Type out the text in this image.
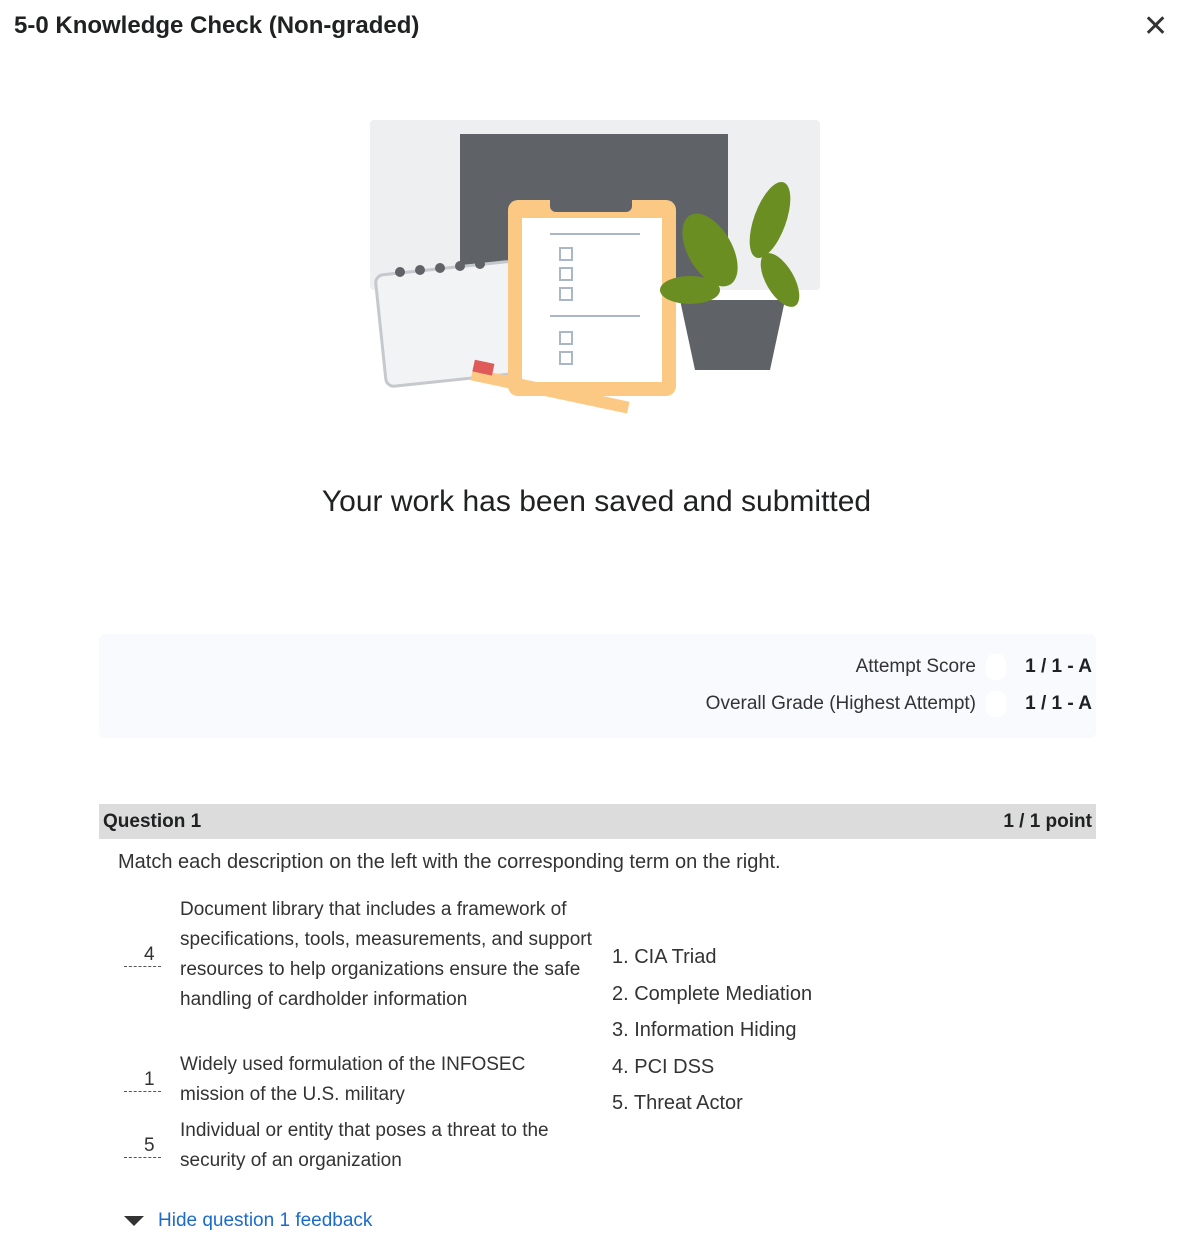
5-0 Knowledge Check (Non-graded)	✕
Your work has been saved and submitted
Attempt Score	1 / 1 - A
Overall Grade (Highest Attempt)	1 / 1 - A
Question 1	1 / 1 point
Match each description on the left with the corresponding term on the right.
4
Document library that includes a framework of specifications, tools, measurements, and support resources to help organizations ensure the safe handling of cardholder information
1
Widely used formulation of the INFOSEC mission of the U.S. military
5
Individual or entity that poses a threat to the security of an organization
1. CIA Triad
2. Complete Mediation
3. Information Hiding
4. PCI DSS
5. Threat Actor
Hide question 1 feedback
